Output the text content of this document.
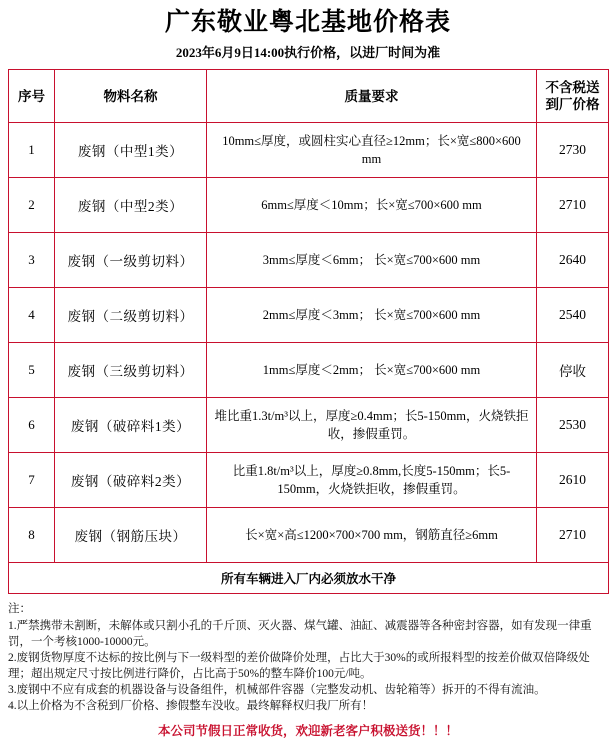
广东敬业粤北基地价格表
2023年6月9日14:00执行价格，以进厂时间为准
序号	物料名称	质量要求	不含税送到厂价格
1	废钢（中型1类）	10mm≤厚度，或圆柱实心直径≥12mm；长×宽≤800×600 mm	2730
2	废钢（中型2类）	6mm≤厚度＜10mm；长×宽≤700×600 mm	2710
3	废钢（一级剪切料）	3mm≤厚度＜6mm； 长×宽≤700×600 mm	2640
4	废钢（二级剪切料）	2mm≤厚度＜3mm； 长×宽≤700×600 mm	2540
5	废钢（三级剪切料）	1mm≤厚度＜2mm； 长×宽≤700×600 mm	停收
6	废钢（破碎料1类）	堆比重1.3t/m³以上，厚度≥0.4mm；长5-150mm，火烧铁拒收，掺假重罚。	2530
7	废钢（破碎料2类）	比重1.8t/m³以上，厚度≥0.8mm,长度5-150mm；长5-150mm，火烧铁拒收，掺假重罚。	2610
8	废钢（钢筋压块）	长×宽×高≤1200×700×700 mm，钢筋直径≥6mm	2710
所有车辆进入厂内必须放水干净			

注：

1.严禁携带未割断，未解体或只割小孔的千斤顶、灭火器、煤气罐、油缸、减震器等各种密封容器，如有发现一律重罚，一个考核1000-10000元。

2.废钢货物厚度不达标的按比例与下一级料型的差价做降价处理，占比大于30%的或所报料型的按差价做双倍降级处理；超出规定尺寸按比例进行降价，占比高于50%的整车降价100元/吨。

3.废钢中不应有成套的机器设备与设备组件，机械部件容器（完整发动机、齿轮箱等）拆开的不得有流油。

4.以上价格为不含税到厂价格、掺假整车没收。最终解释权归我厂所有！

本公司节假日正常收货，欢迎新老客户积极送货！！！
